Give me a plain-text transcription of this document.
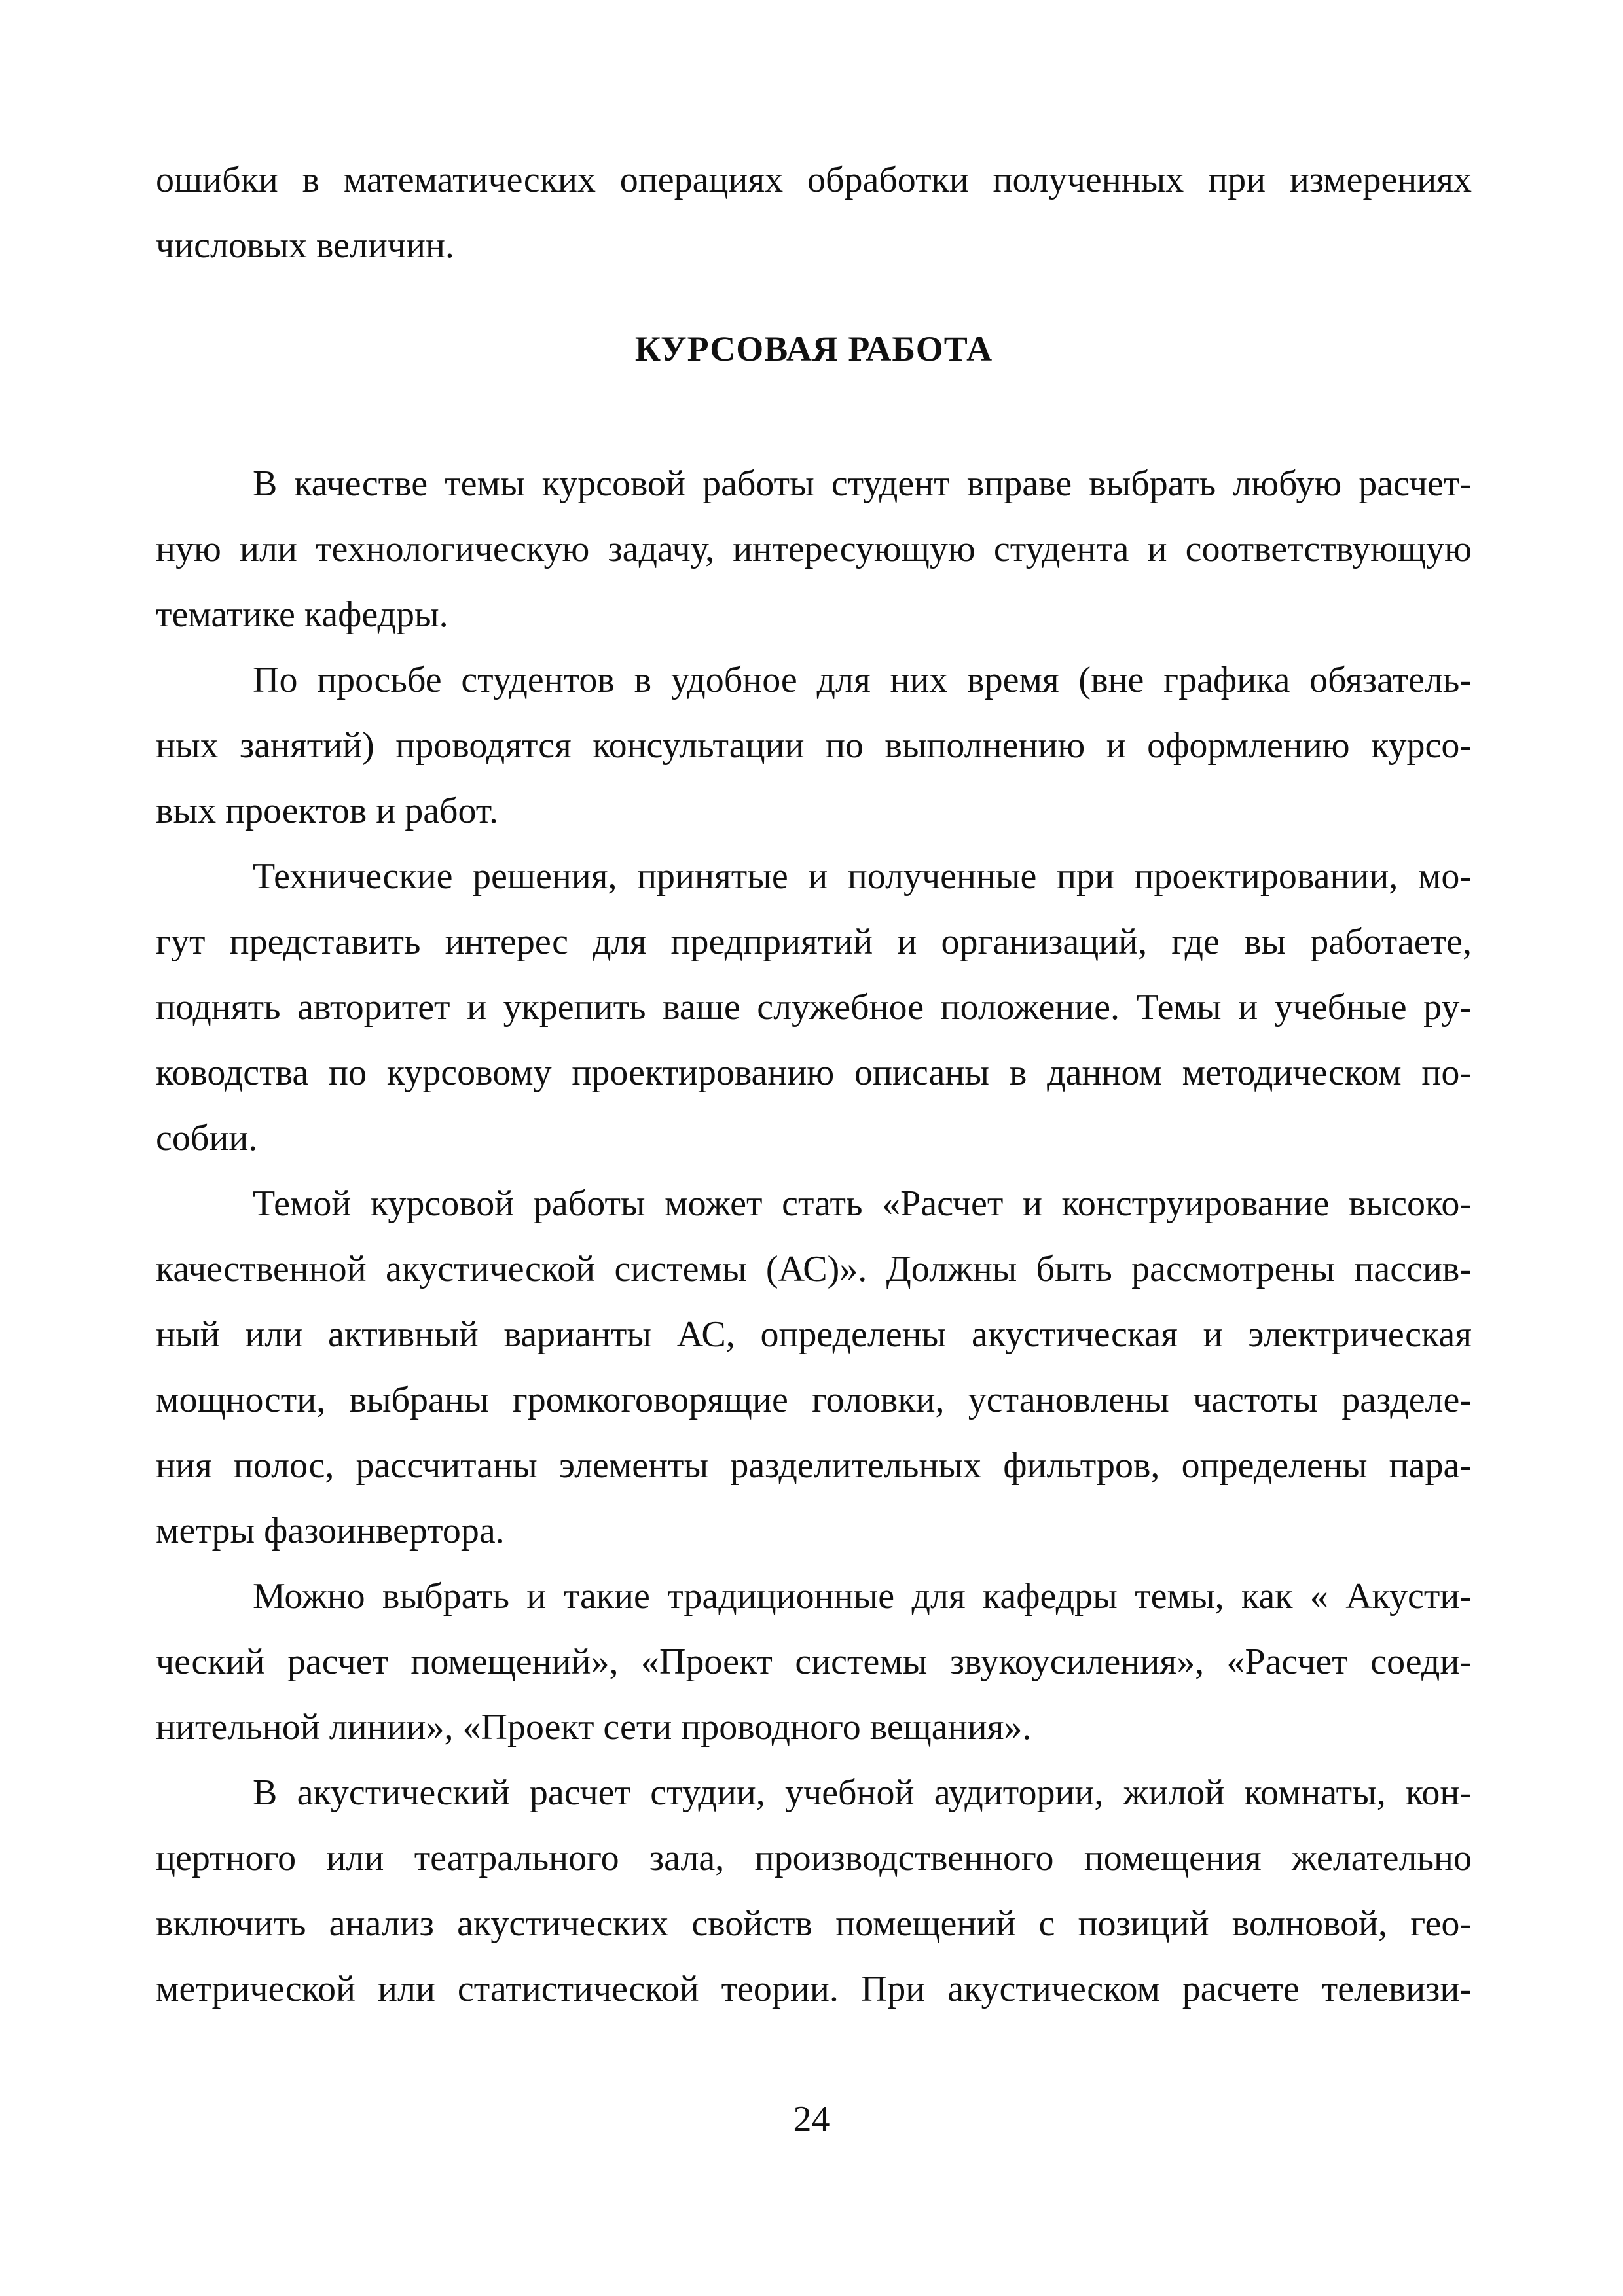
ошибки в математических операциях обработки полученных при измерениях
числовых величин.
КУРСОВАЯ РАБОТА
В качестве темы курсовой работы студент вправе выбрать любую расчет-
ную или технологическую задачу, интересующую студента и соответствующую
тематике кафедры.
По просьбе студентов в удобное для них время (вне графика обязатель-
ных занятий) проводятся консультации по выполнению и оформлению курсо-
вых проектов и работ.
Технические решения, принятые и полученные при проектировании, мо-
гут представить интерес для предприятий и организаций, где вы работаете,
поднять авторитет и укрепить ваше служебное положение. Темы и учебные ру-
ководства по курсовому проектированию описаны в данном методическом по-
собии.
Темой курсовой работы может стать «Расчет и конструирование высоко-
качественной акустической системы (АС)». Должны быть рассмотрены пассив-
ный или активный варианты АС, определены акустическая и электрическая
мощности, выбраны громкоговорящие головки, установлены частоты разделе-
ния полос, рассчитаны элементы разделительных фильтров, определены пара-
метры фазоинвертора.
Можно выбрать и такие традиционные для кафедры темы, как « Акусти-
ческий расчет помещений», «Проект системы звукоусиления», «Расчет соеди-
нительной линии», «Проект сети проводного вещания».
В акустический расчет студии, учебной аудитории, жилой комнаты, кон-
цертного или театрального зала, производственного помещения желательно
включить анализ акустических свойств помещений с позиций волновой, гео-
метрической или статистической теории. При акустическом расчете телевизи-
24
